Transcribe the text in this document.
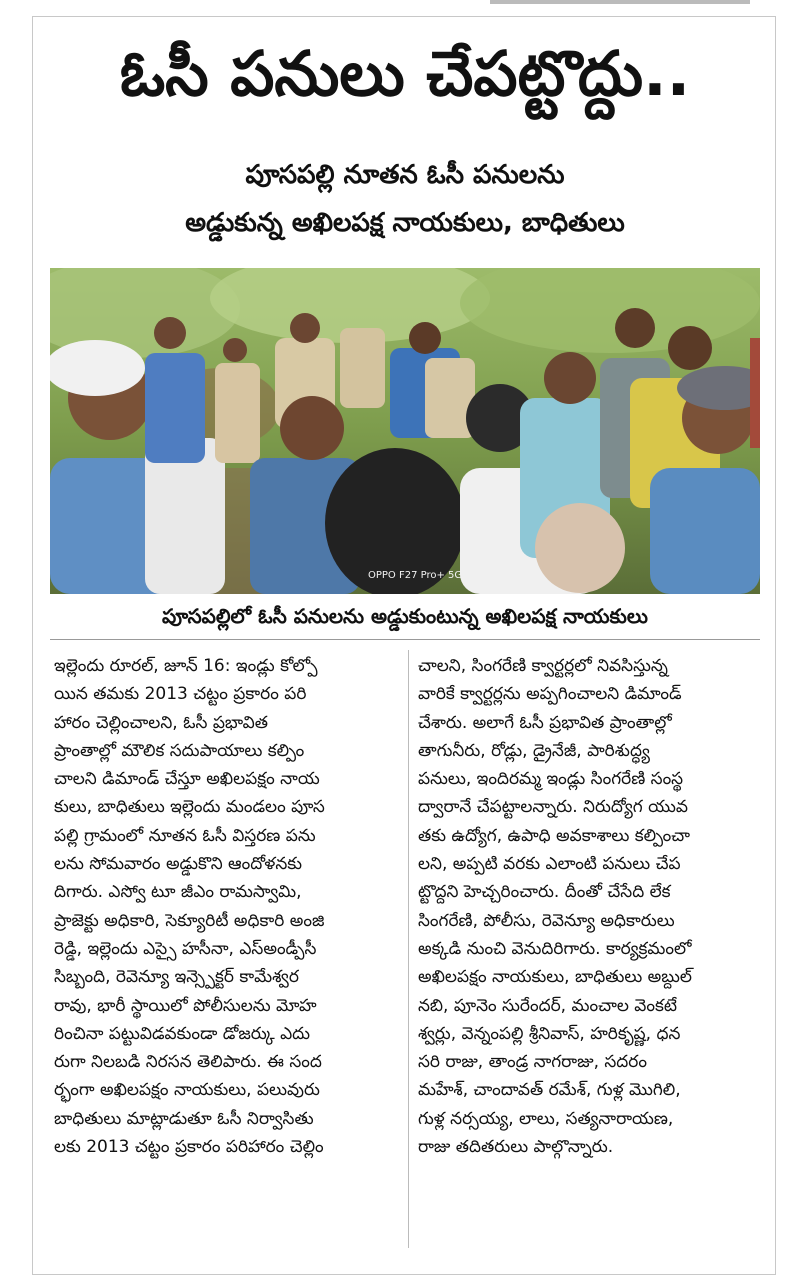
ఓసీ పనులు చేపట్టొద్దు..
పూసపల్లి నూతన ఓసీ పనులను
అడ్డుకున్న అఖిలపక్ష నాయకులు, బాధితులు
OPPO F27 Pro+ 5G
పూసపల్లిలో ఓసీ పనులను అడ్డుకుంటున్న అఖిలపక్ష నాయకులు
ఇల్లెందు రూరల్, జూన్ 16: ఇండ్లు కోల్పో
యిన తమకు 2013 చట్టం ప్రకారం పరి
హారం చెల్లించాలని, ఓసీ ప్రభావిత
ప్రాంతాల్లో మౌలిక సదుపాయాలు కల్పిం
చాలని డిమాండ్ చేస్తూ అఖిలపక్షం నాయ
కులు, బాధితులు ఇల్లెందు మండలం పూస
పల్లి గ్రామంలో నూతన ఓసీ విస్తరణ పను
లను సోమవారం అడ్డుకొని ఆందోళనకు
దిగారు. ఎస్వో టూ జీఎం రామస్వామి,
ప్రాజెక్టు అధికారి, సెక్యూరిటీ అధికారి అంజి
రెడ్డి, ఇల్లెందు ఎస్సై హసీనా, ఎస్అండ్పీసీ
సిబ్బంది, రెవెన్యూ ఇన్స్పెక్టర్ కామేశ్వర
రావు, భారీ స్థాయిలో పోలీసులను మోహ
రించినా పట్టువిడవకుండా డోజర్కు ఎదు
రుగా నిలబడి నిరసన తెలిపారు. ఈ సంద
ర్భంగా అఖిలపక్షం నాయకులు, పలువురు
బాధితులు మాట్లాడుతూ ఓసీ నిర్వాసితు
లకు 2013 చట్టం ప్రకారం పరిహారం చెల్లిం
చాలని, సింగరేణి క్వార్టర్లలో నివసిస్తున్న
వారికే క్వార్టర్లను అప్పగించాలని డిమాండ్
చేశారు. అలాగే ఓసీ ప్రభావిత ప్రాంతాల్లో
తాగునీరు, రోడ్లు, డ్రైనేజీ, పారిశుద్ధ్య
పనులు, ఇందిరమ్మ ఇండ్లు సింగరేణి సంస్థ
ద్వారానే చేపట్టాలన్నారు. నిరుద్యోగ యువ
తకు ఉద్యోగ, ఉపాధి అవకాశాలు కల్పించా
లని, అప్పటి వరకు ఎలాంటి పనులు చేప
ట్టొద్దని హెచ్చరించారు. దీంతో చేసేది లేక
సింగరేణి, పోలీసు, రెవెన్యూ అధికారులు
అక్కడి నుంచి వెనుదిరిగారు. కార్యక్రమంలో
అఖిలపక్షం నాయకులు, బాధితులు అబ్దుల్
నబి, పూనెం సురేందర్, మంచాల వెంకటే
శ్వర్లు, వెన్నంపల్లి శ్రీనివాస్, హరికృష్ణ, ధన
సరి రాజు, తాండ్ర నాగరాజు, సదరం
మహేశ్, చాందావత్ రమేశ్, గుళ్ల మొగిలి,
గుళ్ల నర్సయ్య, లాలు, సత్యనారాయణ,
రాజు తదితరులు పాల్గొన్నారు.
